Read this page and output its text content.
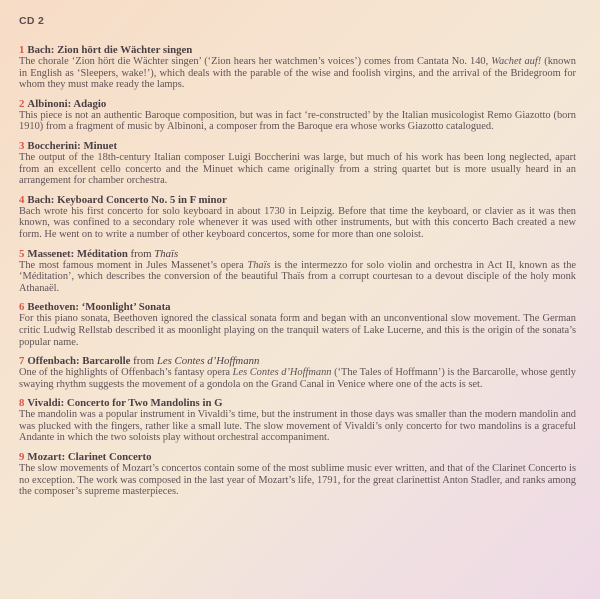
CD 2
1 Bach: Zion hört die Wächter singen
The chorale ‘Zion hört die Wächter singen’ (‘Zion hears her watchmen’s voices’) comes from Cantata No. 140, Wachet auf! (known in English as ‘Sleepers, wake!’), which deals with the parable of the wise and foolish virgins, and the arrival of the Bridegroom for whom they must make ready the lamps.
2 Albinoni: Adagio
This piece is not an authentic Baroque composition, but was in fact ‘re-constructed’ by the Italian musicologist Remo Giazotto (born 1910) from a fragment of music by Albinoni, a composer from the Baroque era whose works Giazotto catalogued.
3 Boccherini: Minuet
The output of the 18th-century Italian composer Luigi Boccherini was large, but much of his work has been long neglected, apart from an excellent cello concerto and the Minuet which came originally from a string quartet but is more usually heard in an arrangement for chamber orchestra.
4 Bach: Keyboard Concerto No. 5 in F minor
Bach wrote his first concerto for solo keyboard in about 1730 in Leipzig. Before that time the keyboard, or clavier as it was then known, was confined to a secondary role whenever it was used with other instruments, but with this concerto Bach created a new form. He went on to write a number of other keyboard concertos, some for more than one soloist.
5 Massenet: Méditation from Thaïs
The most famous moment in Jules Massenet’s opera Thaïs is the intermezzo for solo violin and orchestra in Act II, known as the ‘Méditation’, which describes the conversion of the beautiful Thaïs from a corrupt courtesan to a devout disciple of the holy monk Athanaël.
6 Beethoven: ‘Moonlight’ Sonata
For this piano sonata, Beethoven ignored the classical sonata form and began with an unconventional slow movement. The German critic Ludwig Rellstab described it as moonlight playing on the tranquil waters of Lake Lucerne, and this is the origin of the sonata’s popular name.
7 Offenbach: Barcarolle from Les Contes d’Hoffmann
One of the highlights of Offenbach’s fantasy opera Les Contes d’Hoffmann (‘The Tales of Hoffmann’) is the Barcarolle, whose gently swaying rhythm suggests the movement of a gondola on the Grand Canal in Venice where one of the acts is set.
8 Vivaldi: Concerto for Two Mandolins in G
The mandolin was a popular instrument in Vivaldi’s time, but the instrument in those days was smaller than the modern mandolin and was plucked with the fingers, rather like a small lute. The slow movement of Vivaldi’s only concerto for two mandolins is a graceful Andante in which the two soloists play without orchestral accompaniment.
9 Mozart: Clarinet Concerto
The slow movements of Mozart’s concertos contain some of the most sublime music ever written, and that of the Clarinet Concerto is no exception. The work was composed in the last year of Mozart’s life, 1791, for the great clarinettist Anton Stadler, and ranks among the composer’s supreme masterpieces.
